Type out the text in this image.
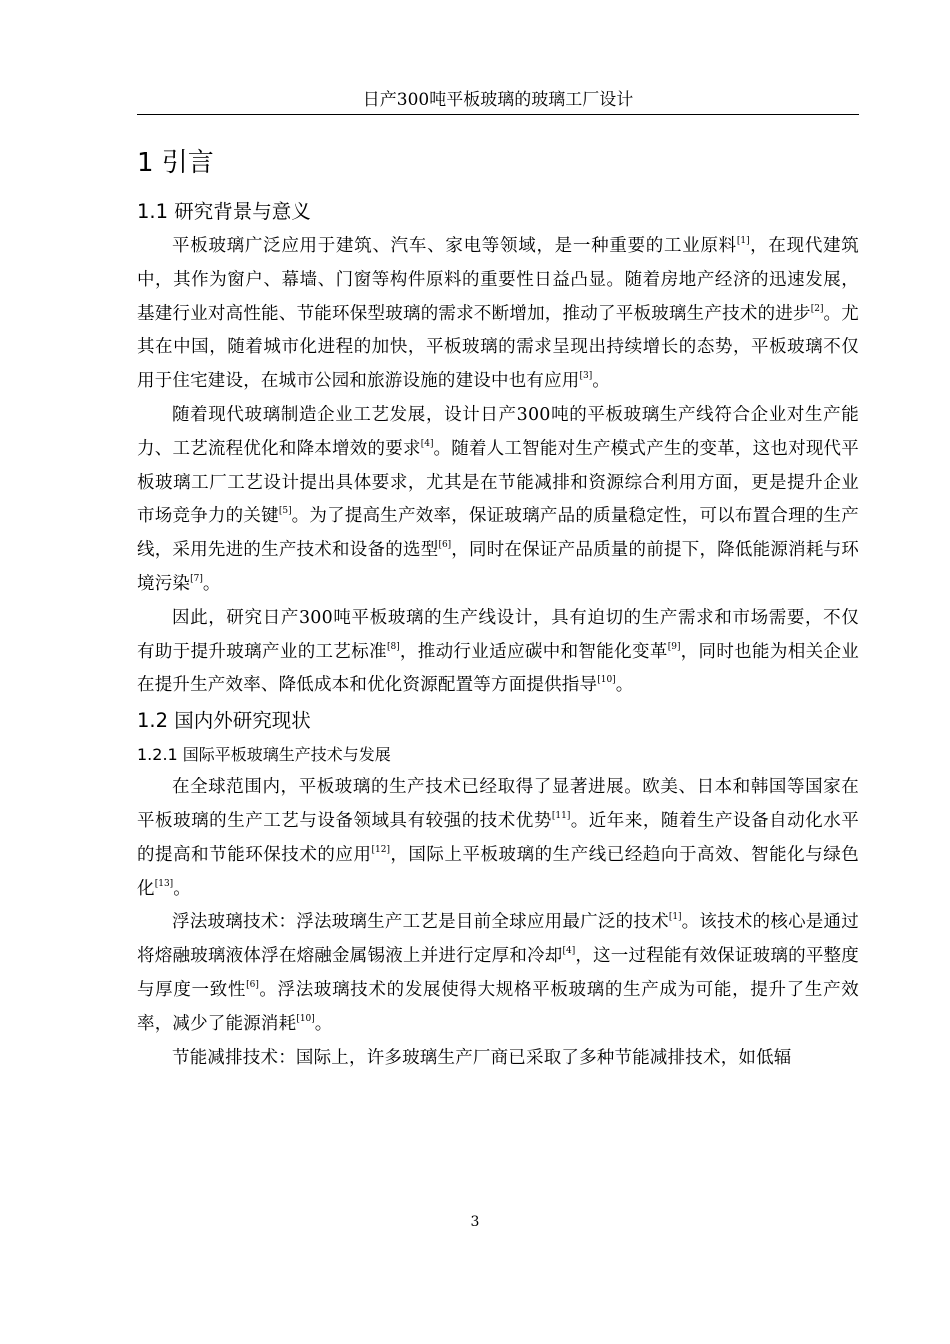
日产300吨平板玻璃的玻璃工厂设计
1 引言
1.1 研究背景与意义

平板玻璃广泛应用于建筑、汽车、家电等领域，是一种重要的工业原料[1]，在现代建筑中，其作为窗户、幕墙、门窗等构件原料的重要性日益凸显。随着房地产经济的迅速发展，基建行业对高性能、节能环保型玻璃的需求不断增加，推动了平板玻璃生产技术的进步[2]。尤其在中国，随着城市化进程的加快，平板玻璃的需求呈现出持续增长的态势，平板玻璃不仅用于住宅建设，在城市公园和旅游设施的建设中也有应用[3]。

随着现代玻璃制造企业工艺发展，设计日产300吨的平板玻璃生产线符合企业对生产能力、工艺流程优化和降本增效的要求[4]。随着人工智能对生产模式产生的变革，这也对现代平板玻璃工厂工艺设计提出具体要求，尤其是在节能减排和资源综合利用方面，更是提升企业市场竞争力的关键[5]。为了提高生产效率，保证玻璃产品的质量稳定性，可以布置合理的生产线，采用先进的生产技术和设备的选型[6]，同时在保证产品质量的前提下，降低能源消耗与环境污染[7]。

因此，研究日产300吨平板玻璃的生产线设计，具有迫切的生产需求和市场需要，不仅有助于提升玻璃产业的工艺标准[8]，推动行业适应碳中和智能化变革[9]，同时也能为相关企业在提升生产效率、降低成本和优化资源配置等方面提供指导[10]。

1.2 国内外研究现状
1.2.1 国际平板玻璃生产技术与发展

在全球范围内，平板玻璃的生产技术已经取得了显著进展。欧美、日本和韩国等国家在平板玻璃的生产工艺与设备领域具有较强的技术优势[11]。近年来，随着生产设备自动化水平的提高和节能环保技术的应用[12]，国际上平板玻璃的生产线已经趋向于高效、智能化与绿色化[13]。

浮法玻璃技术：浮法玻璃生产工艺是目前全球应用最广泛的技术[1]。该技术的核心是通过将熔融玻璃液体浮在熔融金属锡液上并进行定厚和冷却[4]，这一过程能有效保证玻璃的平整度与厚度一致性[6]。浮法玻璃技术的发展使得大规格平板玻璃的生产成为可能，提升了生产效率，减少了能源消耗[10]。

节能减排技术：国际上，许多玻璃生产厂商已采取了多种节能减排技术，如低辐

3
